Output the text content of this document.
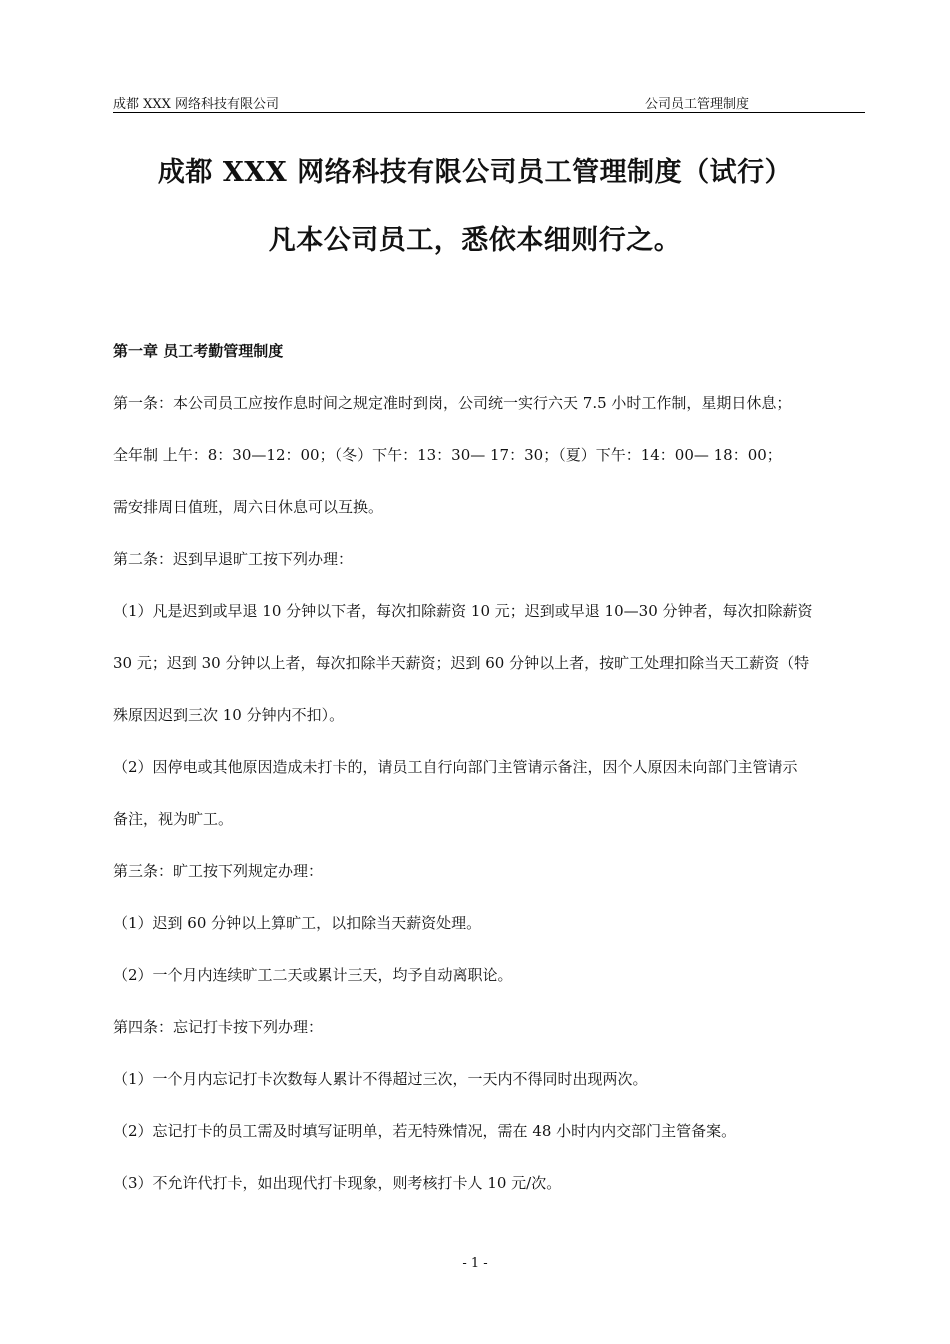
成都 XXX 网络科技有限公司	公司员工管理制度
成都 XXX 网络科技有限公司员工管理制度（试行）
凡本公司员工，悉依本细则行之。
第一章 员工考勤管理制度
第一条：本公司员工应按作息时间之规定准时到岗，公司统一实行六天 7.5 小时工作制，星期日休息；
全年制 上午：8：30—12：00；（冬）下午：13：30— 17：30；（夏）下午：14：00— 18：00；
需安排周日值班，周六日休息可以互换。
第二条：迟到早退旷工按下列办理：
（1）凡是迟到或早退 10 分钟以下者，每次扣除薪资 10 元；迟到或早退 10—30 分钟者，每次扣除薪资
30 元；迟到 30 分钟以上者，每次扣除半天薪资；迟到 60 分钟以上者，按旷工处理扣除当天工薪资（特
殊原因迟到三次 10 分钟内不扣）。
（2）因停电或其他原因造成未打卡的，请员工自行向部门主管请示备注，因个人原因未向部门主管请示
备注，视为旷工。
第三条：旷工按下列规定办理：
（1）迟到 60 分钟以上算旷工，以扣除当天薪资处理。
（2）一个月内连续旷工二天或累计三天，均予自动离职论。
第四条：忘记打卡按下列办理：
（1）一个月内忘记打卡次数每人累计不得超过三次，一天内不得同时出现两次。
（2）忘记打卡的员工需及时填写证明单，若无特殊情况，需在 48 小时内内交部门主管备案。
（3）不允许代打卡，如出现代打卡现象，则考核打卡人 10 元/次。
- 1 -
